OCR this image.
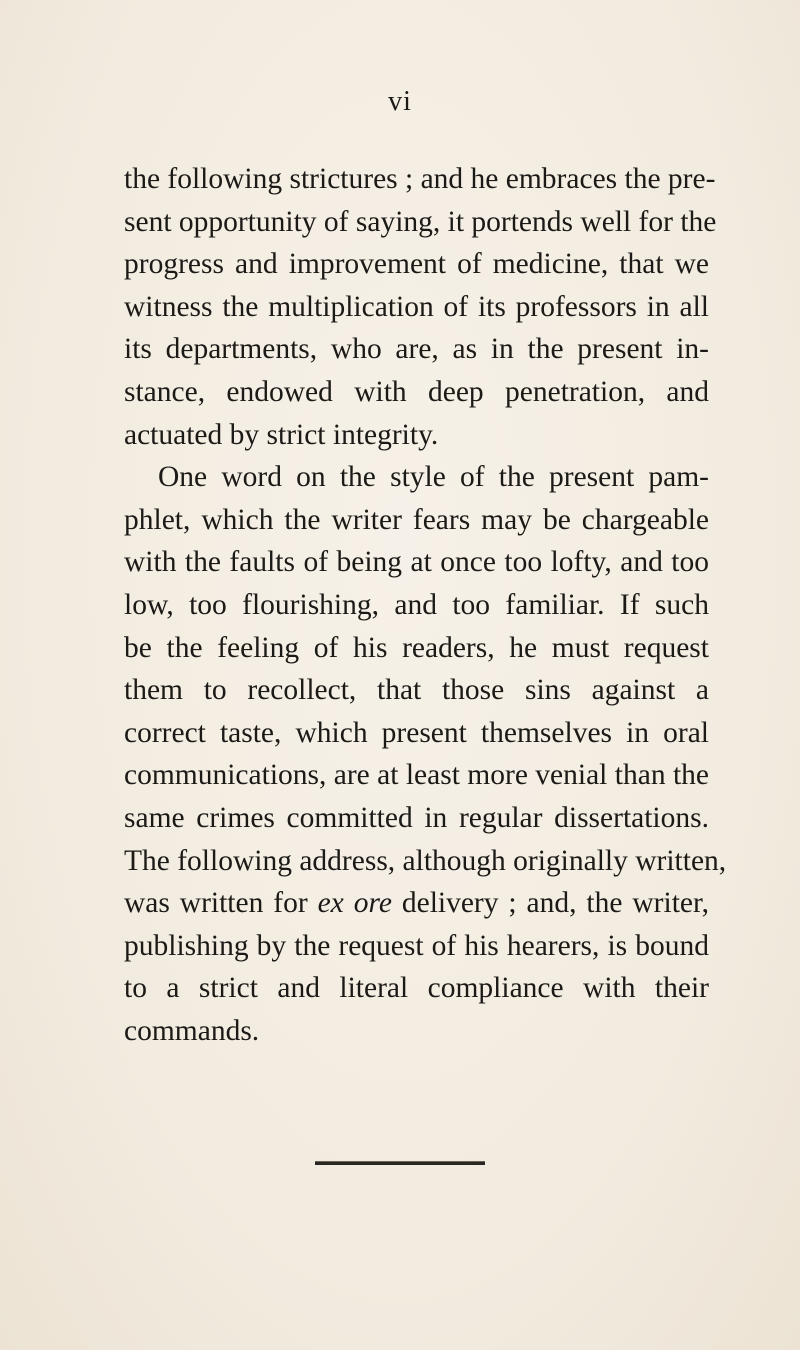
vi
the following strictures ; and he embraces the pre-
sent opportunity of saying, it portends well for the
progress and improvement of medicine, that we
witness the multiplication of its professors in all
its departments, who are, as in the present in-
stance, endowed with deep penetration, and
actuated by strict integrity.
One word on the style of the present pam-
phlet, which the writer fears may be chargeable
with the faults of being at once too lofty, and too
low, too flourishing, and too familiar. If such
be the feeling of his readers, he must request
them to recollect, that those sins against a
correct taste, which present themselves in oral
communications, are at least more venial than the
same crimes committed in regular dissertations.
The following address, although originally written,
was written for ex ore delivery ; and, the writer,
publishing by the request of his hearers, is bound
to a strict and literal compliance with their
commands.
